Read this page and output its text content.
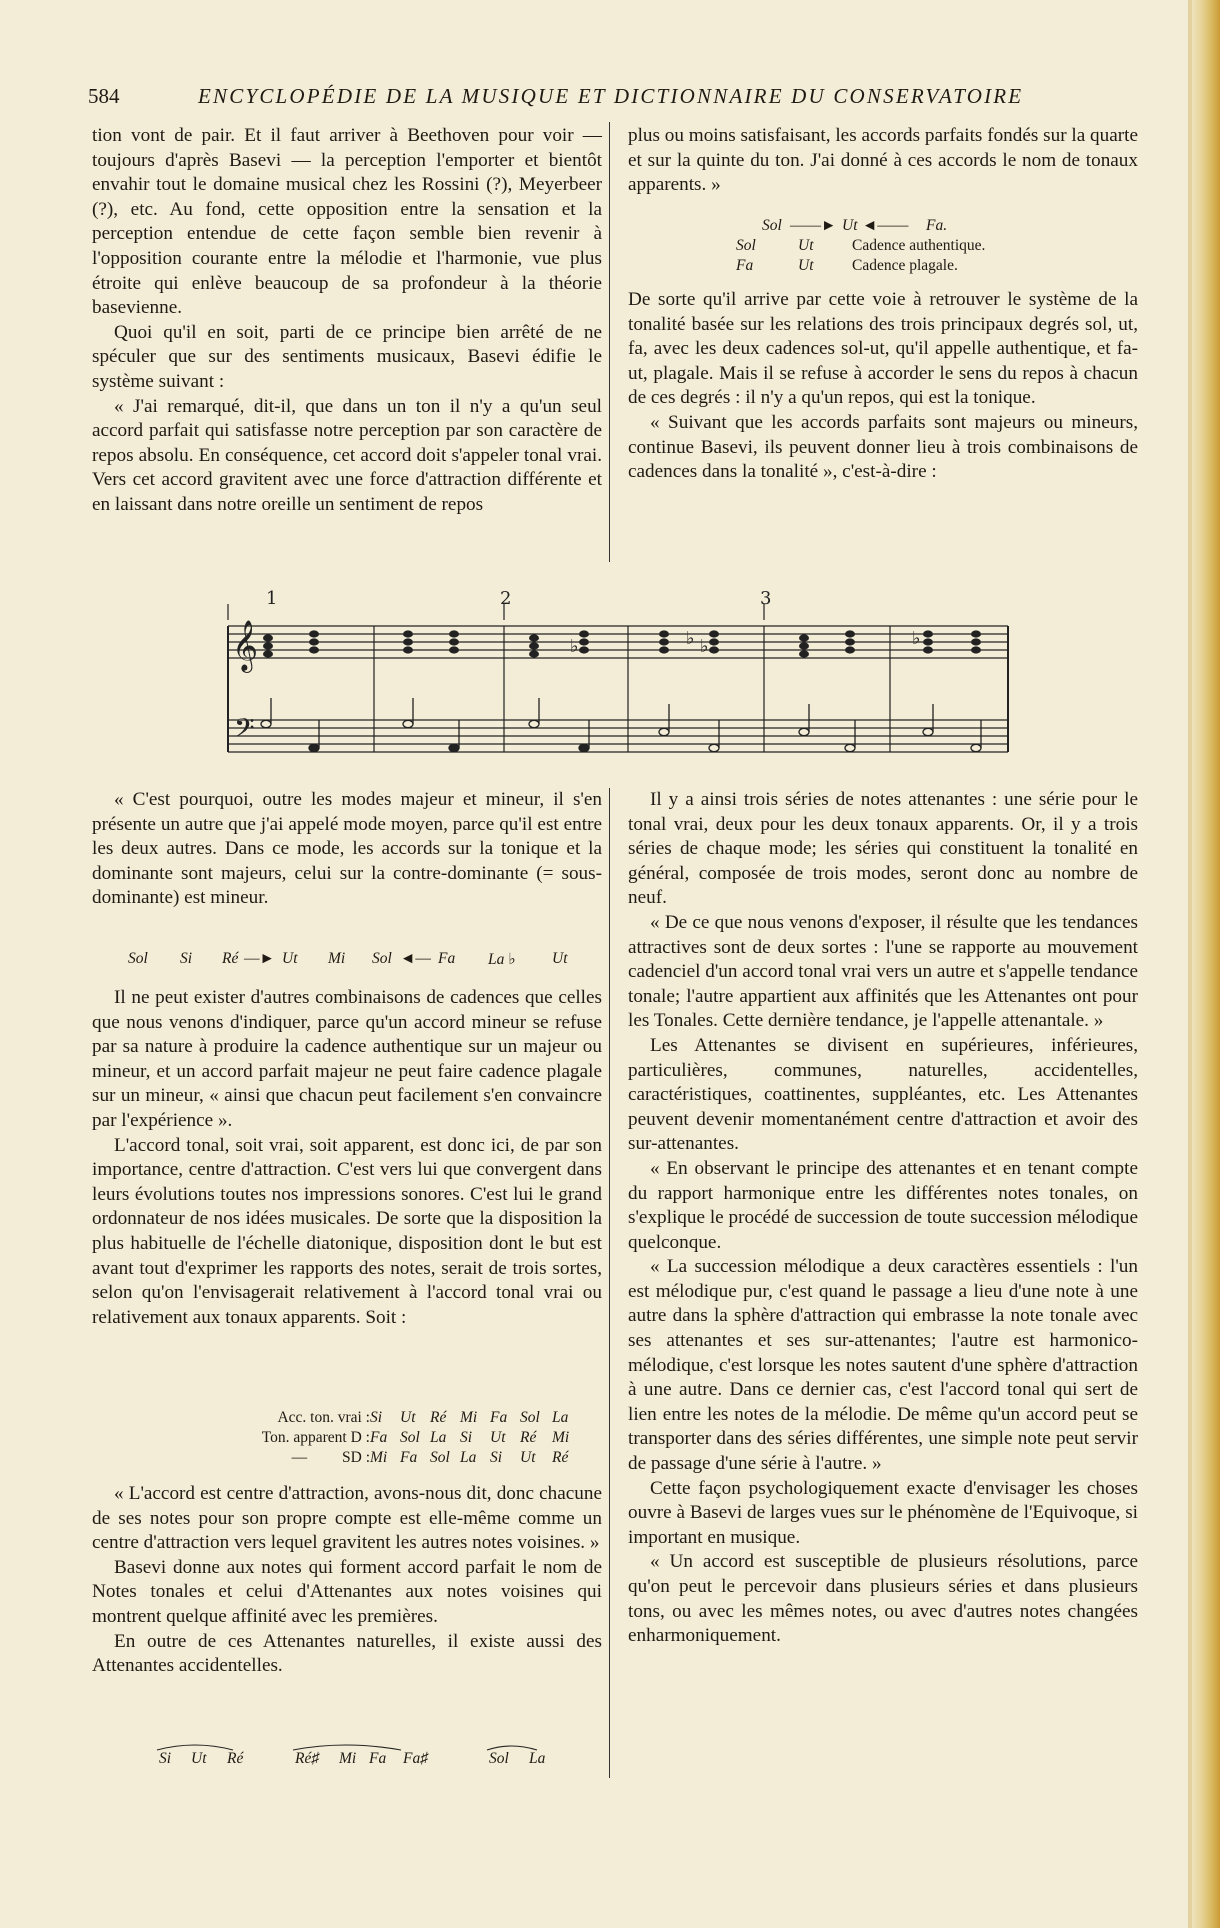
584	ENCYCLOPÉDIE DE LA MUSIQUE ET DICTIONNAIRE DU CONSERVATOIRE

tion vont de pair. Et il faut arriver à Beethoven pour voir — toujours d'après Basevi — la perception l'emporter et bientôt envahir tout le domaine musical chez les Rossini (?), Meyerbeer (?), etc. Au fond, cette opposition entre la sensation et la perception entendue de cette façon semble bien revenir à l'opposition courante entre la mélodie et l'harmonie, vue plus étroite qui enlève beaucoup de sa profondeur à la théorie basevienne.

Quoi qu'il en soit, parti de ce principe bien arrêté de ne spéculer que sur des sentiments musicaux, Basevi édifie le système suivant :

« J'ai remarqué, dit-il, que dans un ton il n'y a qu'un seul accord parfait qui satisfasse notre perception par son caractère de repos absolu. En conséquence, cet accord doit s'appeler tonal vrai. Vers cet accord gravitent avec une force d'attraction différente et en laissant dans notre oreille un sentiment de repos

plus ou moins satisfaisant, les accords parfaits fondés sur la quarte et sur la quinte du ton. J'ai donné à ces accords le nom de tonaux apparents. »

Sol ——► Ut ◄—— Fa.
Sol	Ut Cadence authentique.
Fa	Ut Cadence plagale.

De sorte qu'il arrive par cette voie à retrouver le système de la tonalité basée sur les relations des trois principaux degrés sol, ut, fa, avec les deux cadences sol-ut, qu'il appelle authentique, et fa-ut, plagale. Mais il se refuse à accorder le sens du repos à chacun de ces degrés : il n'y a qu'un repos, qui est la tonique.

« Suivant que les accords parfaits sont majeurs ou mineurs, continue Basevi, ils peuvent donner lieu à trois combinaisons de cadences dans la tonalité », c'est-à-dire :

𝄞
𝄢
♭
♭	♭	♭
1	2	3

« C'est pourquoi, outre les modes majeur et mineur, il s'en présente un autre que j'ai appelé mode moyen, parce qu'il est entre les deux autres. Dans ce mode, les accords sur la tonique et la dominante sont majeurs, celui sur la contre-dominante (= sous-dominante) est mineur.

Sol Si Ré —► Ut Mi Sol ◄— Fa La ♭ Ut

Il ne peut exister d'autres combinaisons de cadences que celles que nous venons d'indiquer, parce qu'un accord mineur se refuse par sa nature à produire la cadence authentique sur un majeur ou mineur, et un accord parfait majeur ne peut faire cadence plagale sur un mineur, « ainsi que chacun peut facilement s'en convaincre par l'expérience ».

L'accord tonal, soit vrai, soit apparent, est donc ici, de par son importance, centre d'attraction. C'est vers lui que convergent dans leurs évolutions toutes nos impressions sonores. C'est lui le grand ordonnateur de nos idées musicales. De sorte que la disposition la plus habituelle de l'échelle diatonique, disposition dont le but est avant tout d'exprimer les rapports des notes, serait de trois sortes, selon qu'on l'envisagerait relativement à l'accord tonal vrai ou relativement aux tonaux apparents. Soit :

Acc. ton. vrai : Si Ut Ré Mi Fa Sol La
Ton. apparent D : Fa Sol La Si Ut Ré Mi
—         SD : Mi Fa Sol La Si Ut Ré

« L'accord est centre d'attraction, avons-nous dit, donc chacune de ses notes pour son propre compte est elle-même comme un centre d'attraction vers lequel gravitent les autres notes voisines. »

Basevi donne aux notes qui forment accord parfait le nom de Notes tonales et celui d'Attenantes aux notes voisines qui montrent quelque affinité avec les premières.

En outre de ces Attenantes naturelles, il existe aussi des Attenantes accidentelles.

Si Ut Ré	Ré♯ Mi Fa Fa♯	Sol La

Il y a ainsi trois séries de notes attenantes : une série pour le tonal vrai, deux pour les deux tonaux apparents. Or, il y a trois séries de chaque mode; les séries qui constituent la tonalité en général, composée de trois modes, seront donc au nombre de neuf.

« De ce que nous venons d'exposer, il résulte que les tendances attractives sont de deux sortes : l'une se rapporte au mouvement cadenciel d'un accord tonal vrai vers un autre et s'appelle tendance tonale; l'autre appartient aux affinités que les Attenantes ont pour les Tonales. Cette dernière tendance, je l'appelle attenantale. »

Les Attenantes se divisent en supérieures, inférieures, particulières, communes, naturelles, accidentelles, caractéristiques, coattinentes, suppléantes, etc. Les Attenantes peuvent devenir momentanément centre d'attraction et avoir des sur-attenantes.

« En observant le principe des attenantes et en tenant compte du rapport harmonique entre les différentes notes tonales, on s'explique le procédé de succession de toute succession mélodique quelconque.

« La succession mélodique a deux caractères essentiels : l'un est mélodique pur, c'est quand le passage a lieu d'une note à une autre dans la sphère d'attraction qui embrasse la note tonale avec ses attenantes et ses sur-attenantes; l'autre est harmonico-mélodique, c'est lorsque les notes sautent d'une sphère d'attraction à une autre. Dans ce dernier cas, c'est l'accord tonal qui sert de lien entre les notes de la mélodie. De même qu'un accord peut se transporter dans des séries différentes, une simple note peut servir de passage d'une série à l'autre. »

Cette façon psychologiquement exacte d'envisager les choses ouvre à Basevi de larges vues sur le phénomène de l'Equivoque, si important en musique.

« Un accord est susceptible de plusieurs résolutions, parce qu'on peut le percevoir dans plusieurs séries et dans plusieurs tons, ou avec les mêmes notes, ou avec d'autres notes changées enharmoniquement.
